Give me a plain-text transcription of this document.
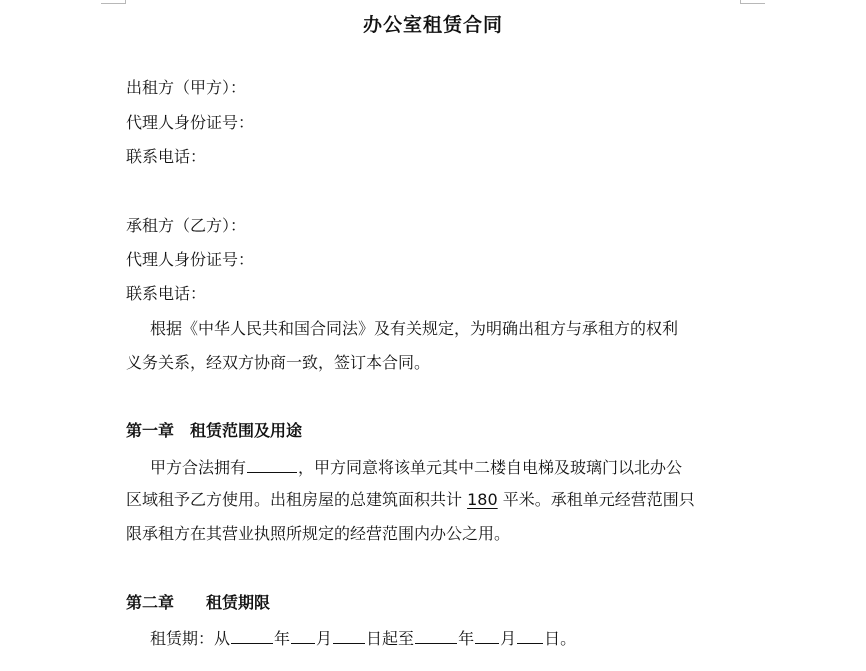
办公室租赁合同
出租方（甲方）：
代理人身份证号：
联系电话：
承租方（乙方）：
代理人身份证号：
联系电话：
根据《中华人民共和国合同法》及有关规定，为明确出租方与承租方的权利
义务关系，经双方协商一致，签订本合同。
第一章　租赁范围及用途
甲方合法拥有	，甲方同意将该单元其中二楼自电梯及玻璃门以北办公
区域租予乙方使用。出租房屋的总建筑面积共计 180 平米。承租单元经营范围只
限承租方在其营业执照所规定的经营范围内办公之用。
第二章　　租赁期限
租赁期：从	年 月 日起至	年 月 日。
